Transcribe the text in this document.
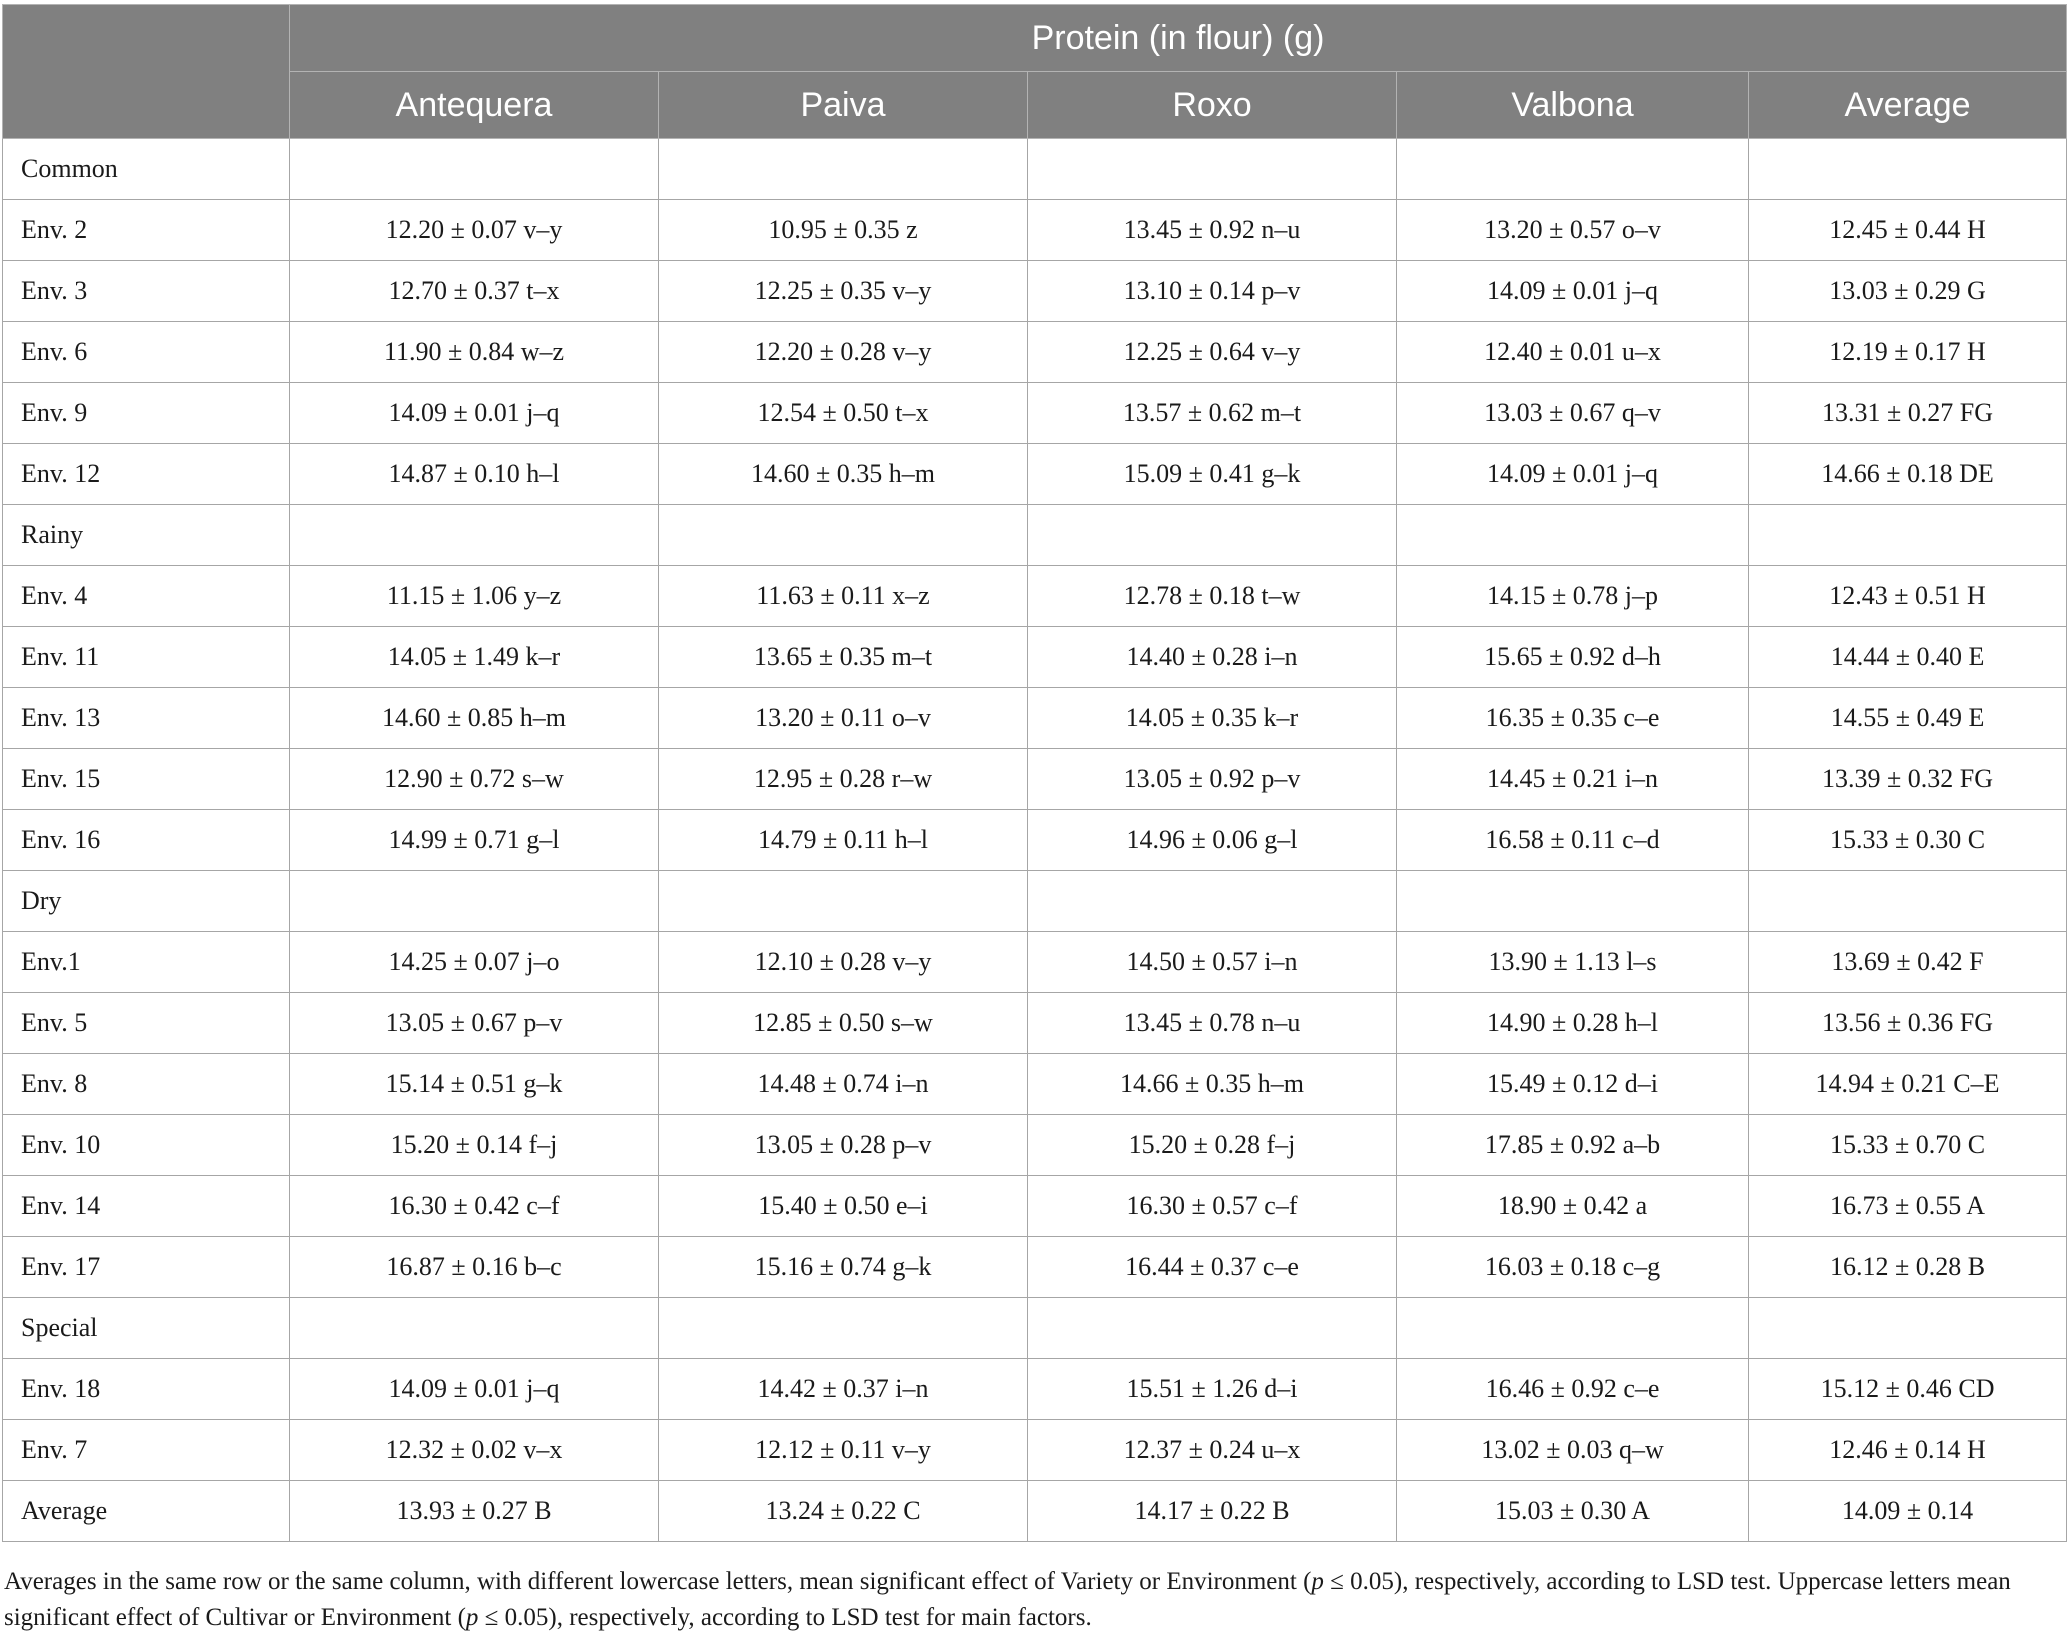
	Protein (in flour) (g)				
	Antequera	Paiva	Roxo	Valbona	Average
Common					
Env. 2	12.20 ± 0.07 v–y	10.95 ± 0.35 z	13.45 ± 0.92 n–u	13.20 ± 0.57 o–v	12.45 ± 0.44 H
Env. 3	12.70 ± 0.37 t–x	12.25 ± 0.35 v–y	13.10 ± 0.14 p–v	14.09 ± 0.01 j–q	13.03 ± 0.29 G
Env. 6	11.90 ± 0.84 w–z	12.20 ± 0.28 v–y	12.25 ± 0.64 v–y	12.40 ± 0.01 u–x	12.19 ± 0.17 H
Env. 9	14.09 ± 0.01 j–q	12.54 ± 0.50 t–x	13.57 ± 0.62 m–t	13.03 ± 0.67 q–v	13.31 ± 0.27 FG
Env. 12	14.87 ± 0.10 h–l	14.60 ± 0.35 h–m	15.09 ± 0.41 g–k	14.09 ± 0.01 j–q	14.66 ± 0.18 DE
Rainy					
Env. 4	11.15 ± 1.06 y–z	11.63 ± 0.11 x–z	12.78 ± 0.18 t–w	14.15 ± 0.78 j–p	12.43 ± 0.51 H
Env. 11	14.05 ± 1.49 k–r	13.65 ± 0.35 m–t	14.40 ± 0.28 i–n	15.65 ± 0.92 d–h	14.44 ± 0.40 E
Env. 13	14.60 ± 0.85 h–m	13.20 ± 0.11 o–v	14.05 ± 0.35 k–r	16.35 ± 0.35 c–e	14.55 ± 0.49 E
Env. 15	12.90 ± 0.72 s–w	12.95 ± 0.28 r–w	13.05 ± 0.92 p–v	14.45 ± 0.21 i–n	13.39 ± 0.32 FG
Env. 16	14.99 ± 0.71 g–l	14.79 ± 0.11 h–l	14.96 ± 0.06 g–l	16.58 ± 0.11 c–d	15.33 ± 0.30 C
Dry					
Env.1	14.25 ± 0.07 j–o	12.10 ± 0.28 v–y	14.50 ± 0.57 i–n	13.90 ± 1.13 l–s	13.69 ± 0.42 F
Env. 5	13.05 ± 0.67 p–v	12.85 ± 0.50 s–w	13.45 ± 0.78 n–u	14.90 ± 0.28 h–l	13.56 ± 0.36 FG
Env. 8	15.14 ± 0.51 g–k	14.48 ± 0.74 i–n	14.66 ± 0.35 h–m	15.49 ± 0.12 d–i	14.94 ± 0.21 C–E
Env. 10	15.20 ± 0.14 f–j	13.05 ± 0.28 p–v	15.20 ± 0.28 f–j	17.85 ± 0.92 a–b	15.33 ± 0.70 C
Env. 14	16.30 ± 0.42 c–f	15.40 ± 0.50 e–i	16.30 ± 0.57 c–f	18.90 ± 0.42 a	16.73 ± 0.55 A
Env. 17	16.87 ± 0.16 b–c	15.16 ± 0.74 g–k	16.44 ± 0.37 c–e	16.03 ± 0.18 c–g	16.12 ± 0.28 B
Special					
Env. 18	14.09 ± 0.01 j–q	14.42 ± 0.37 i–n	15.51 ± 1.26 d–i	16.46 ± 0.92 c–e	15.12 ± 0.46 CD
Env. 7	12.32 ± 0.02 v–x	12.12 ± 0.11 v–y	12.37 ± 0.24 u–x	13.02 ± 0.03 q–w	12.46 ± 0.14 H
Average	13.93 ± 0.27 B	13.24 ± 0.22 C	14.17 ± 0.22 B	15.03 ± 0.30 A	14.09 ± 0.14

Averages in the same row or the same column, with different lowercase letters, mean significant effect of Variety or Environment (p ≤ 0.05), respectively, according to LSD test. Uppercase letters mean significant effect of Cultivar or Environment (p ≤ 0.05), respectively, according to LSD test for main factors.
